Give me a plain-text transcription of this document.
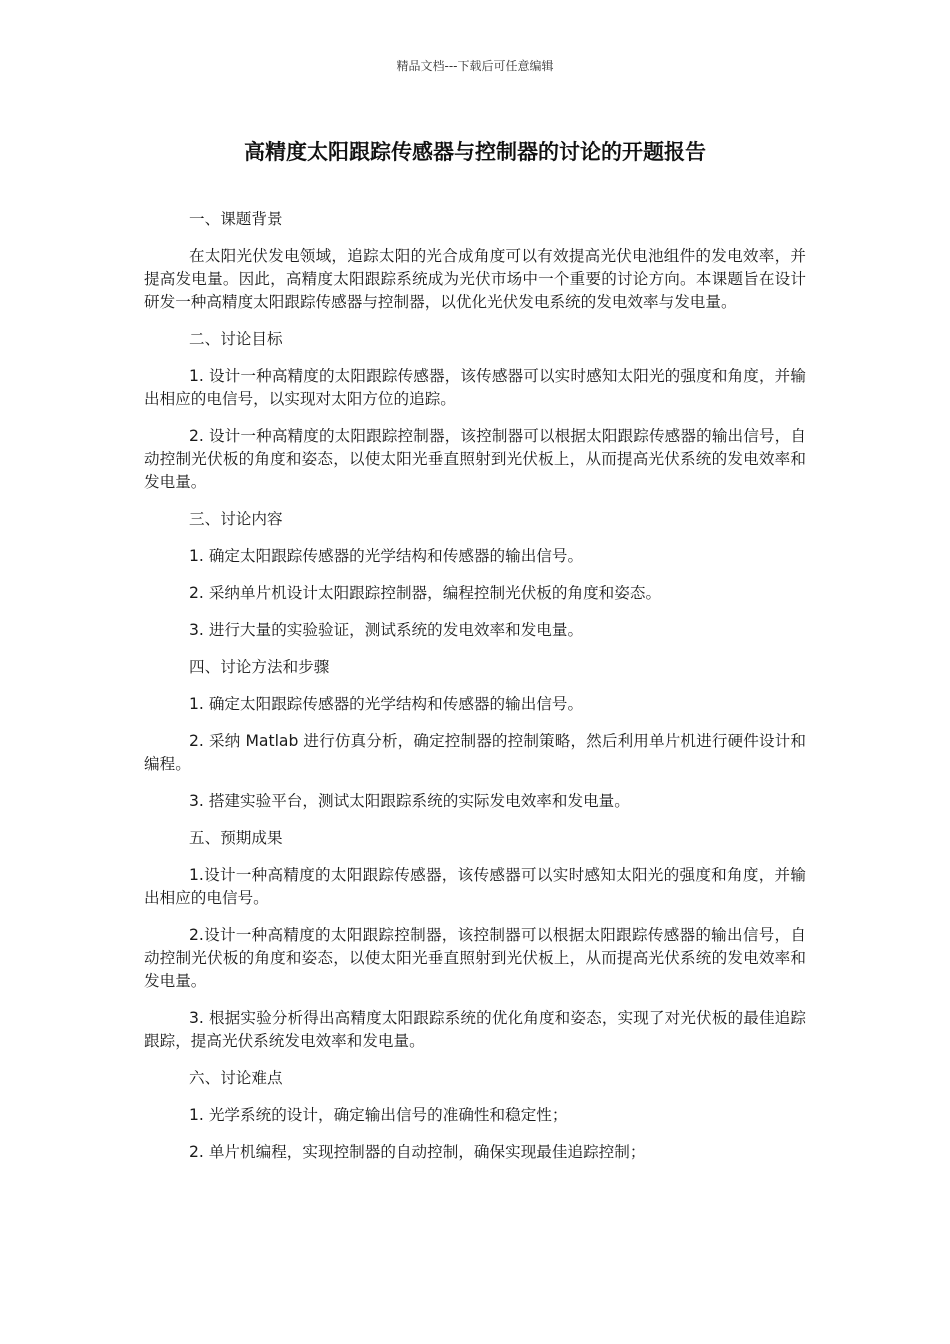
精品文档---下载后可任意编辑
高精度太阳跟踪传感器与控制器的讨论的开题报告

一、课题背景

在太阳光伏发电领域，追踪太阳的光合成角度可以有效提高光伏电池组件的发电效率，并提高发电量。因此，高精度太阳跟踪系统成为光伏市场中一个重要的讨论方向。本课题旨在设计研发一种高精度太阳跟踪传感器与控制器，以优化光伏发电系统的发电效率与发电量。

二、讨论目标

1. 设计一种高精度的太阳跟踪传感器，该传感器可以实时感知太阳光的强度和角度，并输出相应的电信号，以实现对太阳方位的追踪。

2. 设计一种高精度的太阳跟踪控制器，该控制器可以根据太阳跟踪传感器的输出信号，自动控制光伏板的角度和姿态，以使太阳光垂直照射到光伏板上，从而提高光伏系统的发电效率和发电量。

三、讨论内容

1. 确定太阳跟踪传感器的光学结构和传感器的输出信号。

2. 采纳单片机设计太阳跟踪控制器，编程控制光伏板的角度和姿态。

3. 进行大量的实验验证，测试系统的发电效率和发电量。

四、讨论方法和步骤

1. 确定太阳跟踪传感器的光学结构和传感器的输出信号。

2. 采纳 Matlab 进行仿真分析，确定控制器的控制策略，然后利用单片机进行硬件设计和编程。

3. 搭建实验平台，测试太阳跟踪系统的实际发电效率和发电量。

五、预期成果

1.设计一种高精度的太阳跟踪传感器，该传感器可以实时感知太阳光的强度和角度，并输出相应的电信号。

2.设计一种高精度的太阳跟踪控制器，该控制器可以根据太阳跟踪传感器的输出信号，自动控制光伏板的角度和姿态，以使太阳光垂直照射到光伏板上，从而提高光伏系统的发电效率和发电量。

3. 根据实验分析得出高精度太阳跟踪系统的优化角度和姿态，实现了对光伏板的最佳追踪跟踪，提高光伏系统发电效率和发电量。

六、讨论难点

1. 光学系统的设计，确定输出信号的准确性和稳定性；

2. 单片机编程，实现控制器的自动控制，确保实现最佳追踪控制；
